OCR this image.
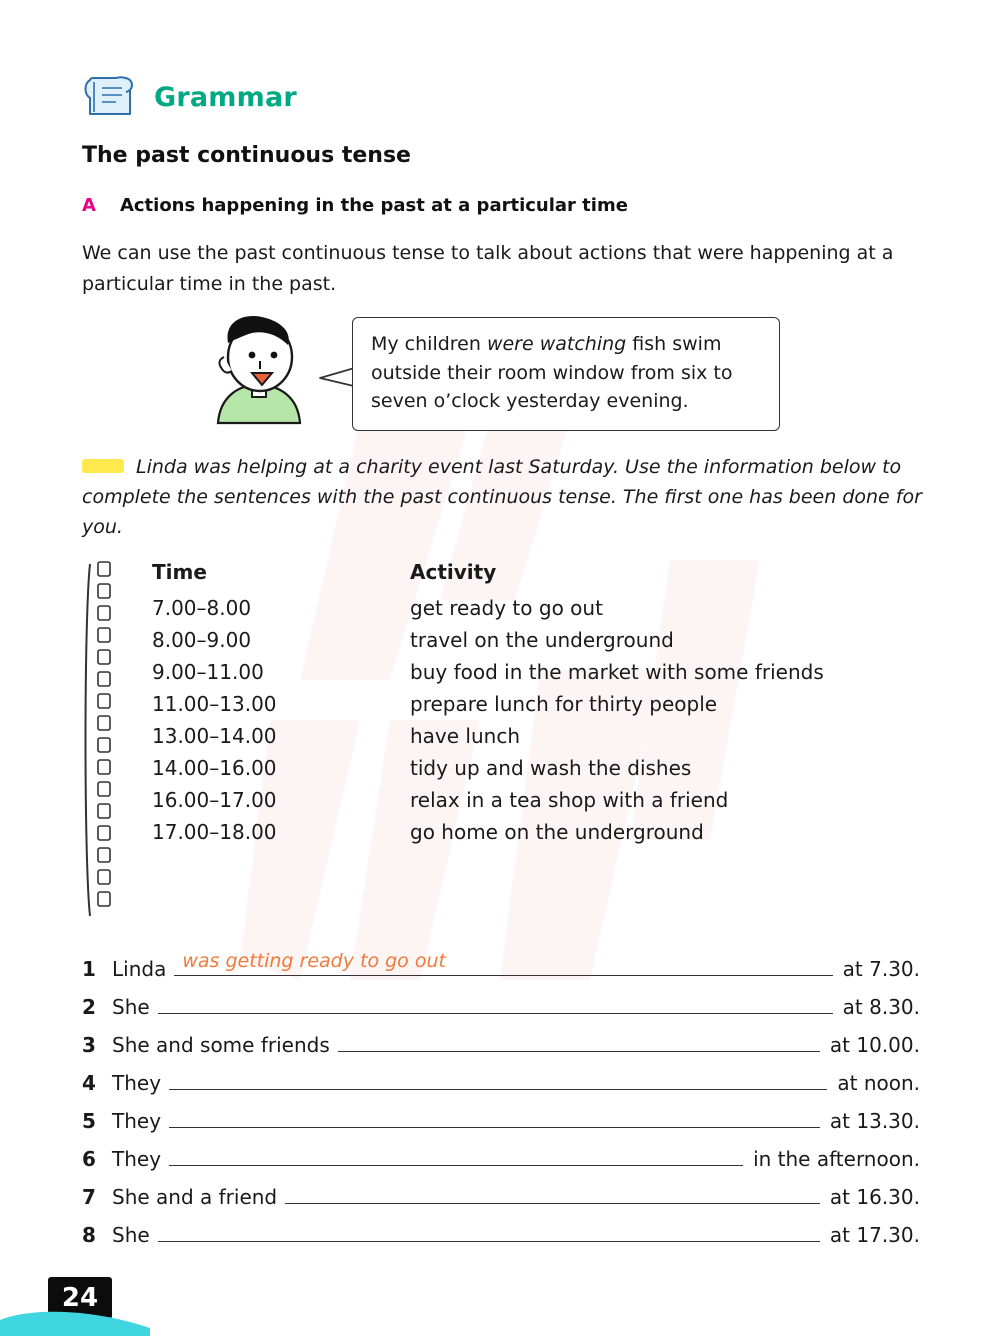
Grammar
The past continuous tense
A Actions happening in the past at a particular time
We can use the past continuous tense to talk about actions that were happening at a particular time in the past.
My children were watching fish swim outside their room window from six to seven o’clock yesterday evening.
Linda was helping at a charity event last Saturday. Use the information below to complete the sentences with the past continuous tense. The first one has been done for you.
Time	Activity
7.00–8.00	get ready to go out
8.00–9.00	travel on the underground
9.00–11.00	buy food in the market with some friends
11.00–13.00	prepare lunch for thirty people
13.00–14.00	have lunch
14.00–16.00	tidy up and wash the dishes
16.00–17.00	relax in a tea shop with a friend
17.00–18.00	go home on the underground
1 Linda was getting ready to go out	at 7.30.
2 She	at 8.30.
3 She and some friends	at 10.00.
4 They	at noon.
5 They	at 13.30.
6 They	in the afternoon.
7 She and a friend	at 16.30.
8 She	at 17.30.
24
